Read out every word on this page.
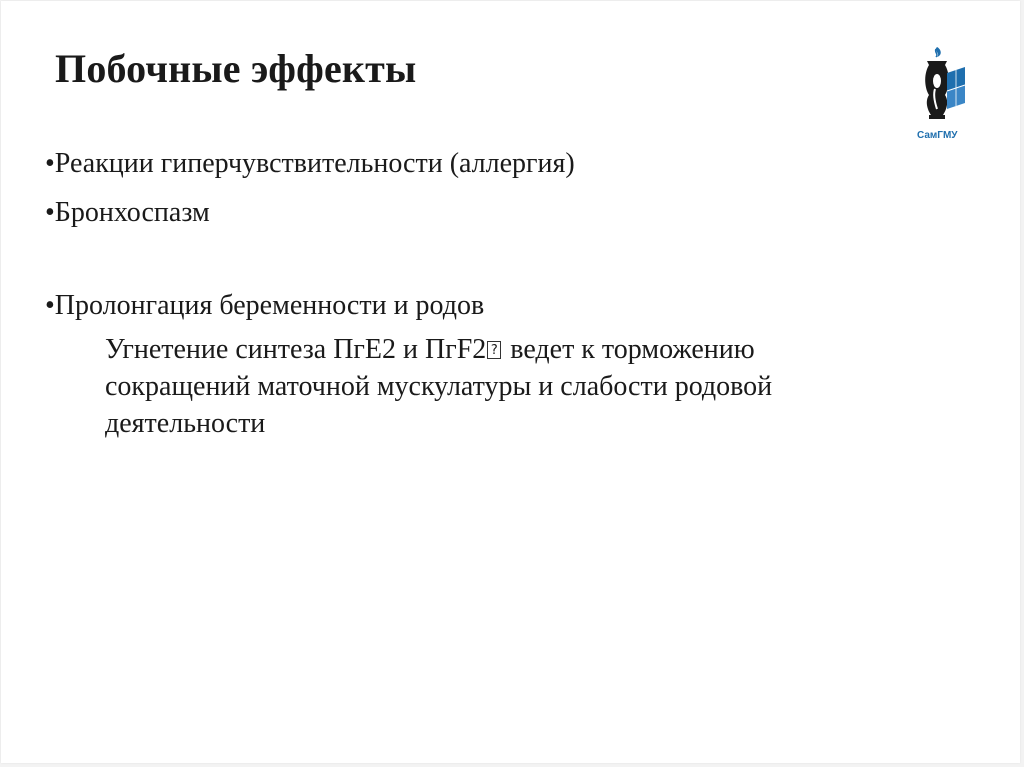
Побочные эффекты
•Реакции гиперчувствительности (аллергия)
•Бронхоспазм
•Пролонгация беременности и родов
Угнетение синтеза ПгЕ2 и ПгF2 ? ведет к торможению
сокращений маточной мускулатуры и слабости родовой
деятельности
СамГМУ
